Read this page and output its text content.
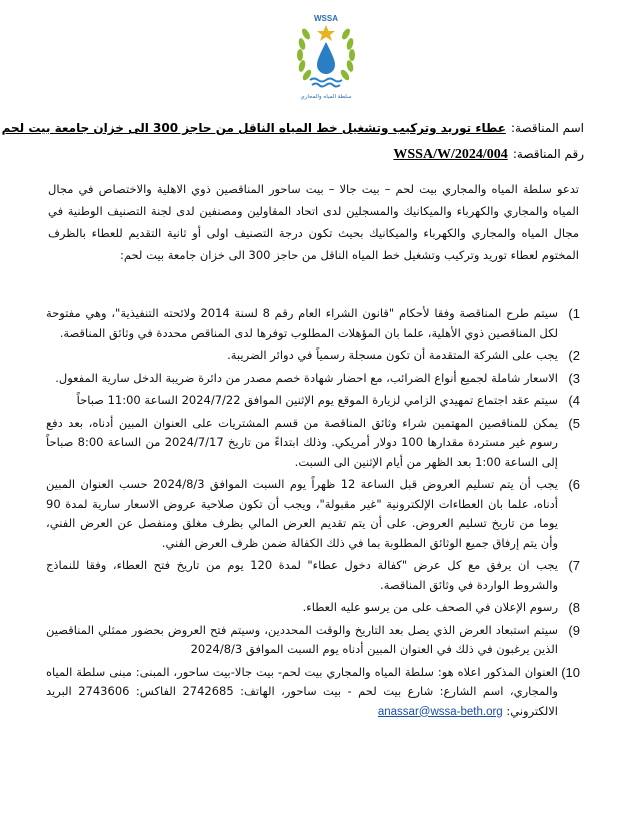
WSSA
سلطة المياه والمجاري
اسم المناقصة: عطاء توريد وتركيب وتشغيل خط المياه الناقل من حاجز 300 الى خزان جامعة بيت لحم
رقم المناقصة: WSSA/W/2024/004
تدعو سلطة المياه والمجاري بيت لحم – بيت جالا – بيت ساحور المناقصين ذوي الاهلية والاختصاص في مجال المياه والمجاري والكهرباء والميكانيك والمسجلين لدى اتحاد المقاولين ومصنفين لدى لجنة التصنيف الوطنية في مجال المياه والمجاري والكهرباء والميكانيك بحيث تكون درجة التصنيف اولى أو ثانية التقديم للعطاء بالظرف المختوم لعطاء توريد وتركيب وتشغيل خط المياه الناقل من حاجز 300 الى خزان جامعة بيت لحم:
1)
سيتم طرح المناقصة وفقا لأحكام "قانون الشراء العام رقم 8 لسنة 2014 ولائحته التنفيذية"، وهي مفتوحة لكل المناقصين ذوي الأهلية، علما بان المؤهلات المطلوب توفرها لدى المناقص محددة في وثائق المناقصة.
2)
يجب على الشركة المتقدمة أن تكون مسجلة رسمياً في دوائر الضريبة.
3)
الاسعار شاملة لجميع أنواع الضرائب، مع احضار شهادة خصم مصدر من دائرة ضريبة الدخل سارية المفعول.
4)
سيتم عقد اجتماع تمهيدي الزامي لزيارة الموقع يوم الإثنين الموافق 2024/7/22 الساعة 11:00 صباحاً
5)
يمكن للمناقصين المهتمين شراء وثائق المناقصة من قسم المشتريات على العنوان المبين أدناه، بعد دفع رسوم غير مستردة مقدارها 100 دولار أمريكي. وذلك ابتداءً من تاريخ 2024/7/17 من الساعة 8:00 صباحاً إلى الساعة 1:00 بعد الظهر من أيام الإثنين الى السبت.
6)
يجب أن يتم تسليم العروض قبل الساعة 12 ظهراً يوم السبت الموافق 2024/8/3 حسب العنوان المبين أدناه، علما بان العطاءات الإلكترونية "غير مقبولة"، ويجب أن تكون صلاحية عروض الاسعار سارية لمدة 90 يوما من تاريخ تسليم العروض. على أن يتم تقديم العرض المالي بظرف مغلق ومنفصل عن العرض الفني، وأن يتم إرفاق جميع الوثائق المطلوبة بما في ذلك الكفالة ضمن ظرف العرض الفني.
7)
يجب ان يرفق مع كل عرض "كفالة دخول عطاء" لمدة 120 يوم من تاريخ فتح العطاء، وفقا للنماذج والشروط الواردة في وثائق المناقصة.
8)
رسوم الإعلان في الصحف على من يرسو عليه العطاء.
9)
سيتم استبعاد العرض الذي يصل بعد التاريخ والوقت المحددين، وسيتم فتح العروض بحضور ممثلي المناقصين الذين يرغبون في ذلك في العنوان المبين أدناه يوم السبت الموافق 2024/8/3
10)
العنوان المذكور اعلاه هو: سلطة المياه والمجاري بيت لحم- بيت جالا-بيت ساحور، المبنى: مبنى سلطة المياه والمجاري، اسم الشارع: شارع بيت لحم - بيت ساحور، الهاتف: 2742685 الفاكس: 2743606 البريد الالكتروني: anassar@wssa-beth.org
